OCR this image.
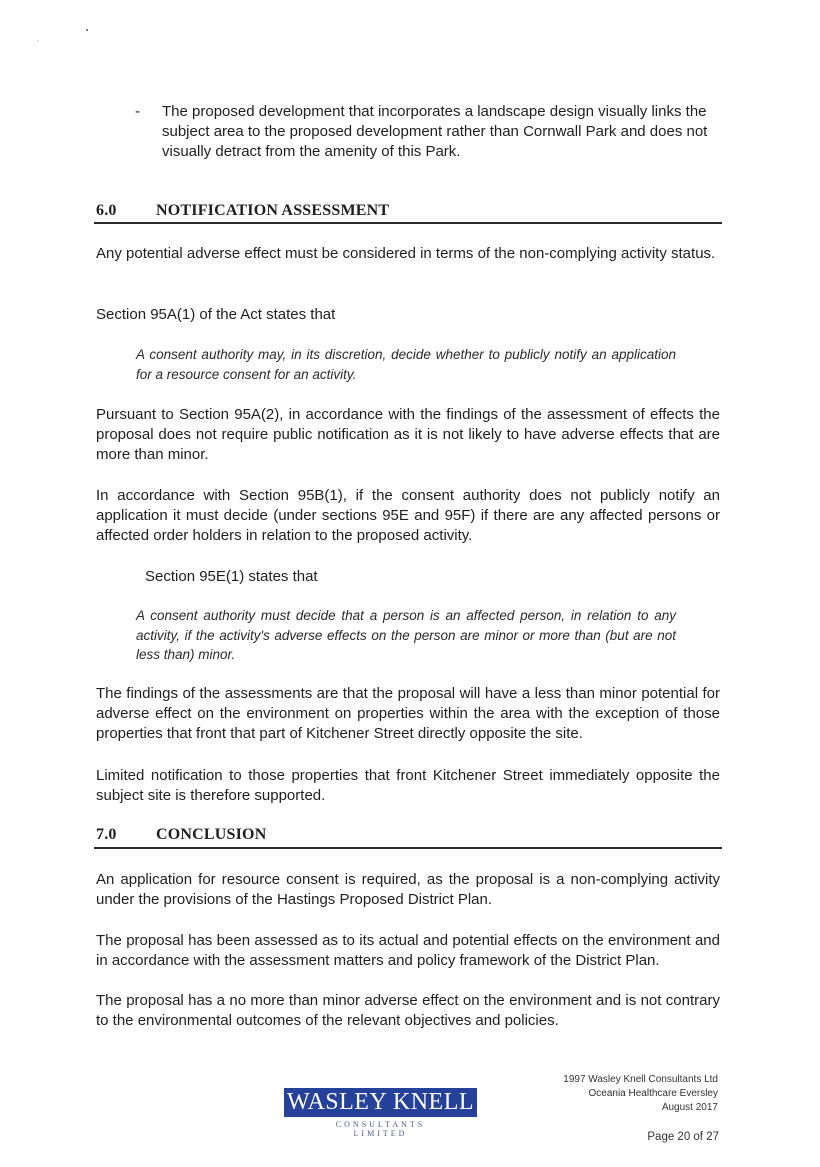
- The proposed development that incorporates a landscape design visually links the subject area to the proposed development rather than Cornwall Park and does not visually detract from the amenity of this Park.

6.0 NOTIFICATION ASSESSMENT

Any potential adverse effect must be considered in terms of the non-complying activity status.

Section 95A(1) of the Act states that

A consent authority may, in its discretion, decide whether to publicly notify an application for a resource consent for an activity.

Pursuant to Section 95A(2), in accordance with the findings of the assessment of effects the proposal does not require public notification as it is not likely to have adverse effects that are more than minor.

In accordance with Section 95B(1), if the consent authority does not publicly notify an application it must decide (under sections 95E and 95F) if there are any affected persons or affected order holders in relation to the proposed activity.

Section 95E(1) states that

A consent authority must decide that a person is an affected person, in relation to any activity, if the activity's adverse effects on the person are minor or more than (but are not less than) minor.

The findings of the assessments are that the proposal will have a less than minor potential for adverse effect on the environment on properties within the area with the exception of those properties that front that part of Kitchener Street directly opposite the site.

Limited notification to those properties that front Kitchener Street immediately opposite the subject site is therefore supported.

7.0 CONCLUSION

An application for resource consent is required, as the proposal is a non-complying activity under the provisions of the Hastings Proposed District Plan.

The proposal has been assessed as to its actual and potential effects on the environment and in accordance with the assessment matters and policy framework of the District Plan.

The proposal has a no more than minor adverse effect on the environment and is not contrary to the environmental outcomes of the relevant objectives and policies.

WASLEY KNELL
CONSULTANTS
LIMITED
1997 Wasley Knell Consultants Ltd
Oceania Healthcare Eversley
August 2017
Page 20 of 27
